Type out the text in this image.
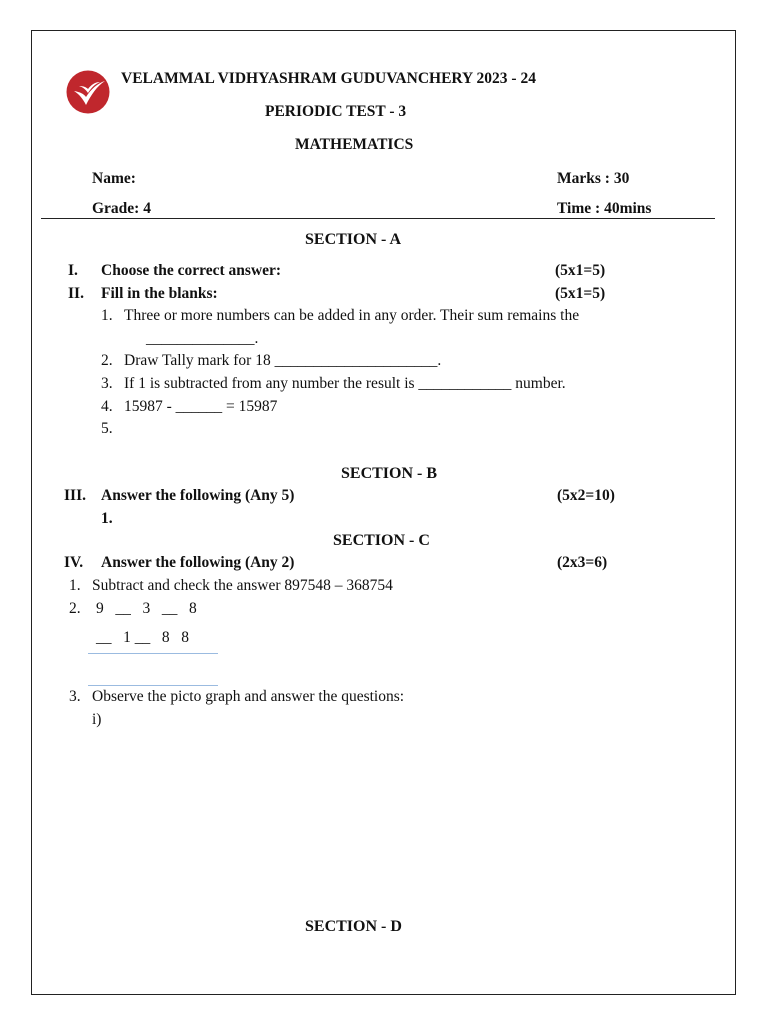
VELAMMAL VIDHYASHRAM GUDUVANCHERY 2023 - 24
PERIODIC TEST - 3
MATHEMATICS
Name:	Marks : 30
Grade: 4	Time : 40mins
SECTION - A
I. Choose the correct answer:	(5x1=5)
II. Fill in the blanks:	(5x1=5)
1. Three or more numbers can be added in any order. Their sum remains the
______________.
2. Draw Tally mark for 18 _____________________.
3. If 1 is subtracted from any number the result is ____________ number.
4. 15987 - ______ = 15987
5.
SECTION - B
III. Answer the following (Any 5)	(5x2=10)
1.
SECTION - C
IV. Answer the following (Any 2)	(2x3=6)
1. Subtract and check the answer 897548 – 368754
2. 9   __   3   __   8
__   1 __   8   8
3. Observe the picto graph and answer the questions:
i)
SECTION - D
